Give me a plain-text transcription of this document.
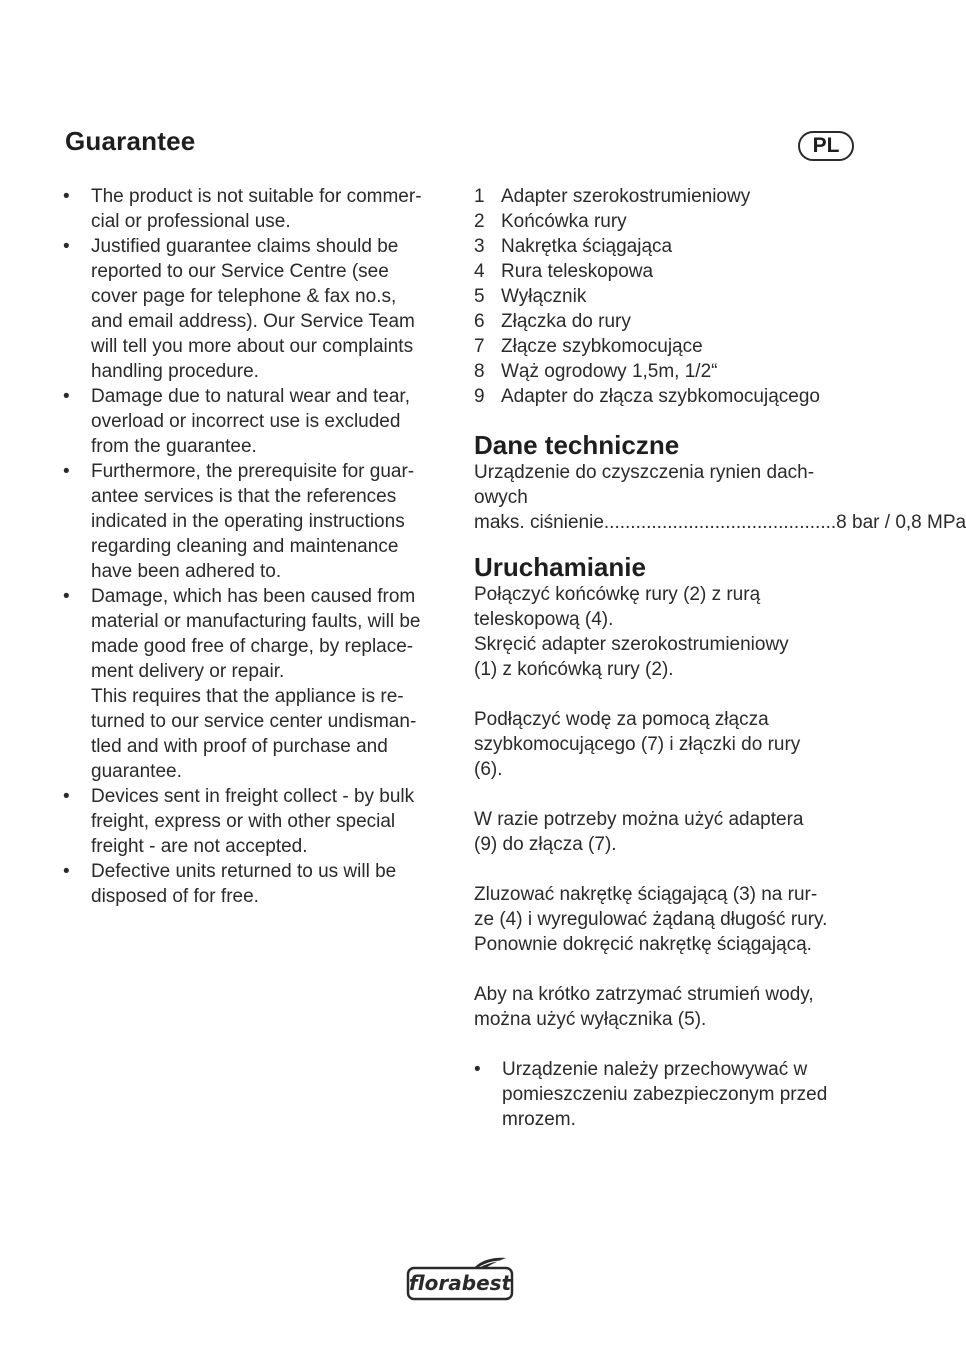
Guarantee	PL
•	The product is not suitable for commer-
cial or professional use.
•	Justified guarantee claims should be
reported to our Service Centre (see
cover page for telephone & fax no.s,
and email address). Our Service Team
will tell you more about our complaints
handling procedure.
•	Damage due to natural wear and tear,
overload or incorrect use is excluded
from the guarantee.
•	Furthermore, the prerequisite for guar-
antee services is that the references
indicated in the operating instructions
regarding cleaning and maintenance
have been adhered to.
•	Damage, which has been caused from
material or manufacturing faults, will be
made good free of charge, by replace-
ment delivery or repair.
This requires that the appliance is re-
turned to our service center undisman-
tled and with proof of purchase and
guarantee.
•	Devices sent in freight collect - by bulk
freight, express or with other special
freight - are not accepted.
•	Defective units returned to us will be
disposed of for free.
1 Adapter szerokostrumieniowy
2 Końcówka rury
3 Nakrętka ściągająca
4 Rura teleskopowa
5 Wyłącznik
6 Złączka do rury
7 Złącze szybkomocujące
8 Wąż ogrodowy 1,5m, 1/2“
9 Adapter do złącza szybkomocującego
Dane techniczne
Urządzenie do czyszczenia rynien dach-
owych
maks. ciśnienie ............................................ 8 bar / 0,8 MPa
Uruchamianie
Połączyć końcówkę rury (2) z rurą
teleskopową (4).
Skręcić adapter szerokostrumieniowy
(1) z końcówką rury (2).
Podłączyć wodę za pomocą złącza
szybkomocującego (7) i złączki do rury
(6).
W razie potrzeby można użyć adaptera
(9) do złącza (7).
Zluzować nakrętkę ściągającą (3) na rur-
ze (4) i wyregulować żądaną długość rury.
Ponownie dokręcić nakrętkę ściągającą.
Aby na krótko zatrzymać strumień wody,
można użyć wyłącznika (5).
•	Urządzenie należy przechowywać w
pomieszczeniu zabezpieczonym przed
mrozem.
florabest
